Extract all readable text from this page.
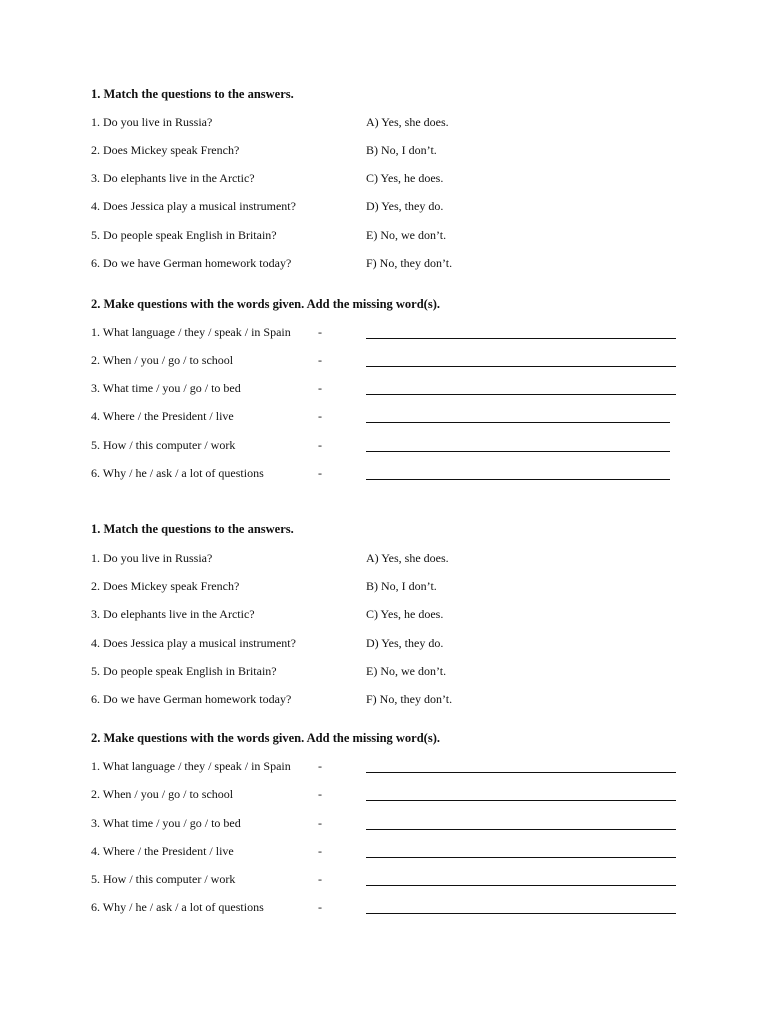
1. Match the questions to the answers.
1. Do you live in Russia?	A) Yes, she does.
2. Does Mickey speak French?	B) No, I don’t.
3. Do elephants live in the Arctic?	C) Yes, he does.
4. Does Jessica play a musical instrument?	D) Yes, they do.
5. Do people speak English in Britain?	E) No, we don’t.
6. Do we have German homework today?	F) No, they don’t.
2. Make questions with the words given. Add the missing word(s).
1. What language / they / speak / in Spain -
2. When / you / go / to school	-
3. What time / you / go / to bed	-
4. Where / the President / live	-
5. How / this computer / work	-
6. Why / he / ask / a lot of questions	-
1. Match the questions to the answers.
1. Do you live in Russia?	A) Yes, she does.
2. Does Mickey speak French?	B) No, I don’t.
3. Do elephants live in the Arctic?	C) Yes, he does.
4. Does Jessica play a musical instrument?	D) Yes, they do.
5. Do people speak English in Britain?	E) No, we don’t.
6. Do we have German homework today?	F) No, they don’t.
2. Make questions with the words given. Add the missing word(s).
1. What language / they / speak / in Spain -
2. When / you / go / to school	-
3. What time / you / go / to bed	-
4. Where / the President / live	-
5. How / this computer / work	-
6. Why / he / ask / a lot of questions	-
